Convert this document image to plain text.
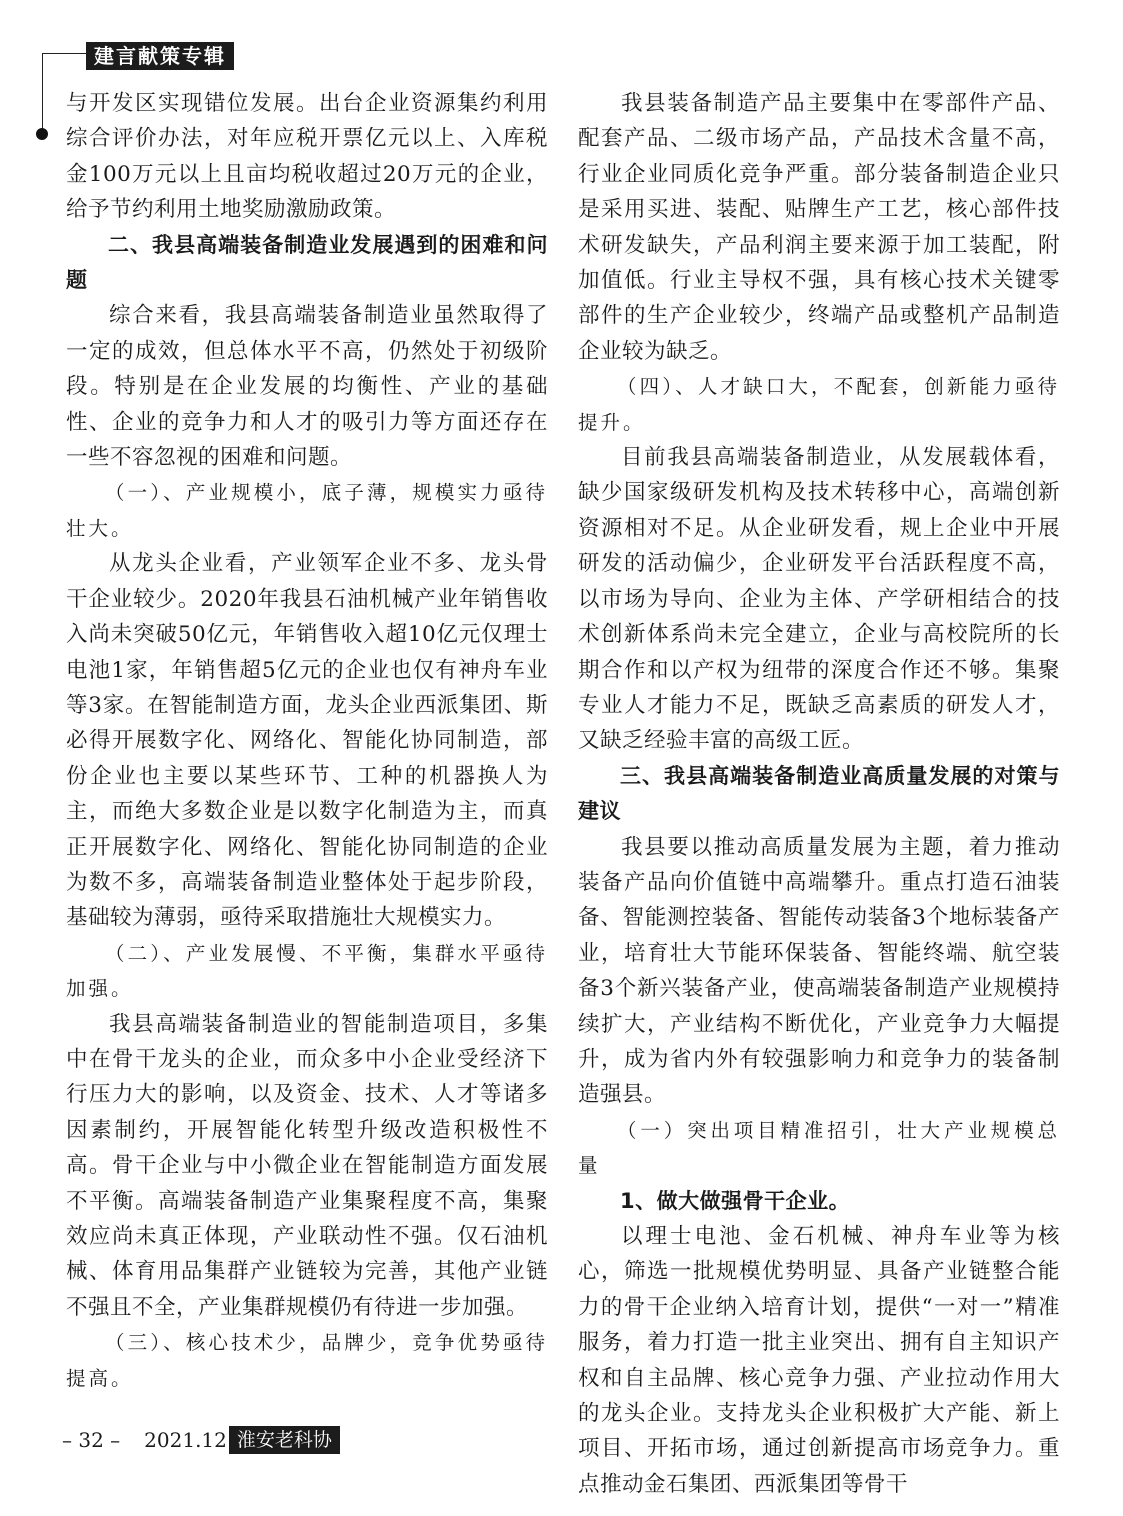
建言献策专辑

与开发区实现错位发展。出台企业资源集约利用综合评价办法，对年应税开票亿元以上、入库税金100万元以上且亩均税收超过20万元的企业，给予节约利用土地奖励激励政策。

二、我县高端装备制造业发展遇到的困难和问题

综合来看，我县高端装备制造业虽然取得了一定的成效，但总体水平不高，仍然处于初级阶段。特别是在企业发展的均衡性、产业的基础性、企业的竞争力和人才的吸引力等方面还存在一些不容忽视的困难和问题。

（一）、产业规模小，底子薄，规模实力亟待壮大。

从龙头企业看，产业领军企业不多、龙头骨干企业较少。2020年我县石油机械产业年销售收入尚未突破50亿元，年销售收入超10亿元仅理士电池1家，年销售超5亿元的企业也仅有神舟车业等3家。在智能制造方面，龙头企业西派集团、斯必得开展数字化、网络化、智能化协同制造，部份企业也主要以某些环节、工种的机器换人为主，而绝大多数企业是以数字化制造为主，而真正开展数字化、网络化、智能化协同制造的企业为数不多，高端装备制造业整体处于起步阶段，基础较为薄弱，亟待采取措施壮大规模实力。

（二）、产业发展慢、不平衡，集群水平亟待加强。

我县高端装备制造业的智能制造项目，多集中在骨干龙头的企业，而众多中小企业受经济下行压力大的影响，以及资金、技术、人才等诸多因素制约，开展智能化转型升级改造积极性不高。骨干企业与中小微企业在智能制造方面发展不平衡。高端装备制造产业集聚程度不高，集聚效应尚未真正体现，产业联动性不强。仅石油机械、体育用品集群产业链较为完善，其他产业链不强且不全，产业集群规模仍有待进一步加强。

（三）、核心技术少，品牌少，竞争优势亟待提高。

我县装备制造产品主要集中在零部件产品、配套产品、二级市场产品，产品技术含量不高，行业企业同质化竞争严重。部分装备制造企业只是采用买进、装配、贴牌生产工艺，核心部件技术研发缺失，产品利润主要来源于加工装配，附加值低。行业主导权不强，具有核心技术关键零部件的生产企业较少，终端产品或整机产品制造企业较为缺乏。

（四）、人才缺口大，不配套，创新能力亟待提升。

目前我县高端装备制造业，从发展载体看，缺少国家级研发机构及技术转移中心，高端创新资源相对不足。从企业研发看，规上企业中开展研发的活动偏少，企业研发平台活跃程度不高，以市场为导向、企业为主体、产学研相结合的技术创新体系尚未完全建立，企业与高校院所的长期合作和以产权为纽带的深度合作还不够。集聚专业人才能力不足，既缺乏高素质的研发人才，又缺乏经验丰富的高级工匠。

三、我县高端装备制造业高质量发展的对策与建议

我县要以推动高质量发展为主题，着力推动装备产品向价值链中高端攀升。重点打造石油装备、智能测控装备、智能传动装备3个地标装备产业，培育壮大节能环保装备、智能终端、航空装备3个新兴装备产业，使高端装备制造产业规模持续扩大，产业结构不断优化，产业竞争力大幅提升，成为省内外有较强影响力和竞争力的装备制造强县。

（一）突出项目精准招引，壮大产业规模总量

1、做大做强骨干企业。

以理士电池、金石机械、神舟车业等为核心，筛选一批规模优势明显、具备产业链整合能力的骨干企业纳入培育计划，提供“一对一”精准服务，着力打造一批主业突出、拥有自主知识产权和自主品牌、核心竞争力强、产业拉动作用大的龙头企业。支持龙头企业积极扩大产能、新上项目、开拓市场，通过创新提高市场竞争力。重点推动金石集团、西派集团等骨干

– 32 – 2021.12 淮安老科协
